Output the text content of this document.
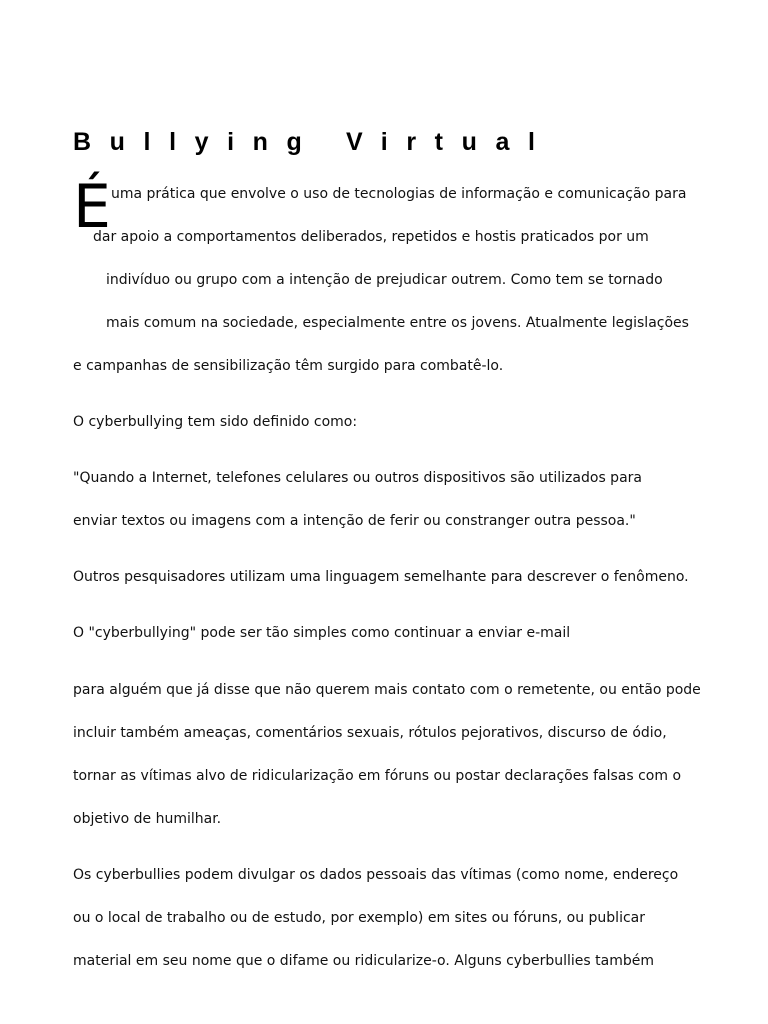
Bullying Virtual
É uma prática que envolve o uso de tecnologias de informação e comunicação para
dar apoio a comportamentos deliberados, repetidos e hostis praticados por um
indivíduo ou grupo com a intenção de prejudicar outrem. Como tem se tornado
mais comum na sociedade, especialmente entre os jovens. Atualmente legislações
e campanhas de sensibilização têm surgido para combatê-lo.
O cyberbullying tem sido definido como:
"Quando a Internet, telefones celulares ou outros dispositivos são utilizados para
enviar textos ou imagens com a intenção de ferir ou constranger outra pessoa."
Outros pesquisadores utilizam uma linguagem semelhante para descrever o fenômeno.
O "cyberbullying" pode ser tão simples como continuar a enviar e-mail
para alguém que já disse que não querem mais contato com o remetente, ou então pode
incluir também ameaças, comentários sexuais, rótulos pejorativos, discurso de ódio,
tornar as vítimas alvo de ridicularização em fóruns ou postar declarações falsas com o
objetivo de humilhar.
Os cyberbullies podem divulgar os dados pessoais das vítimas (como nome, endereço
ou o local de trabalho ou de estudo, por exemplo) em sites ou fóruns, ou publicar
material em seu nome que o difame ou ridicularize-o. Alguns cyberbullies também
